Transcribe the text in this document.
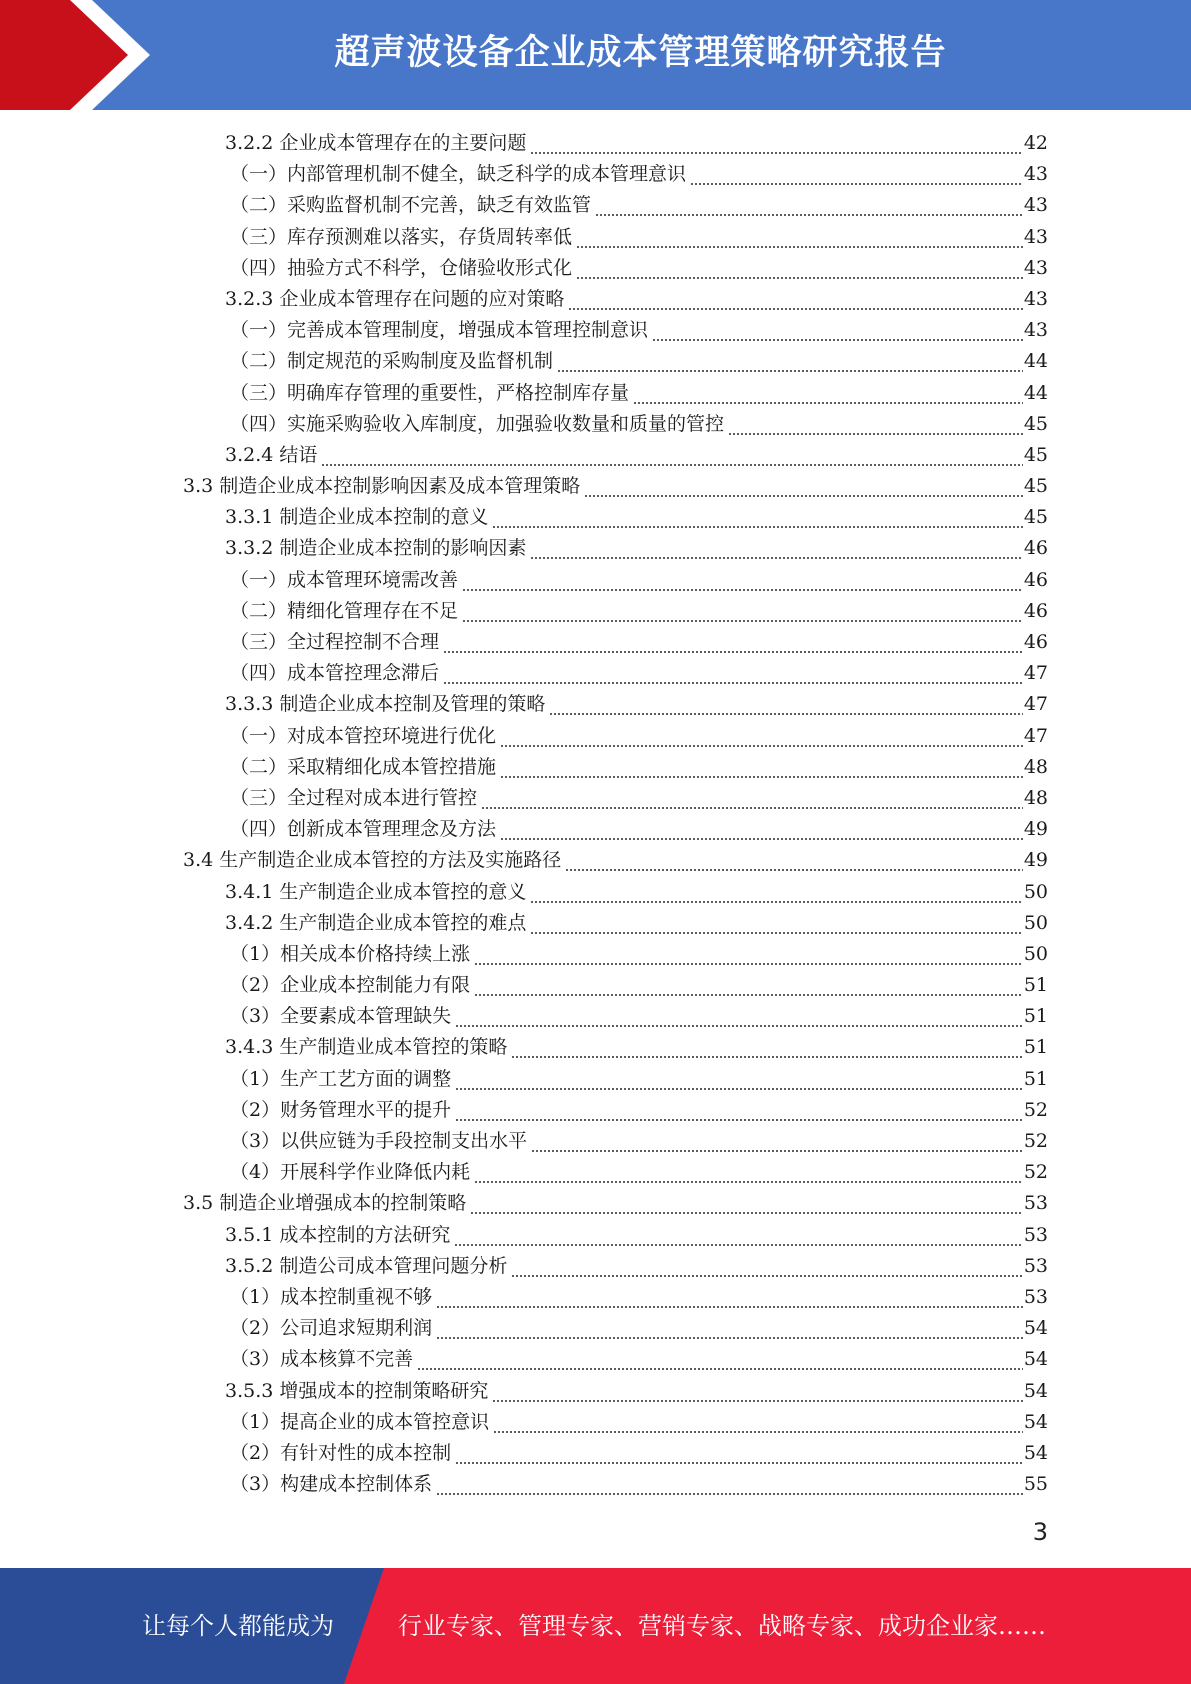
超声波设备企业成本管理策略研究报告
3.2.2 企业成本管理存在的主要问题	42
（一）内部管理机制不健全，缺乏科学的成本管理意识	43
（二）采购监督机制不完善，缺乏有效监管	43
（三）库存预测难以落实，存货周转率低	43
（四）抽验方式不科学，仓储验收形式化	43
3.2.3 企业成本管理存在问题的应对策略	43
（一）完善成本管理制度，增强成本管理控制意识	43
（二）制定规范的采购制度及监督机制	44
（三）明确库存管理的重要性，严格控制库存量	44
（四）实施采购验收入库制度，加强验收数量和质量的管控	45
3.2.4 结语	45
3.3 制造企业成本控制影响因素及成本管理策略	45
3.3.1 制造企业成本控制的意义	45
3.3.2 制造企业成本控制的影响因素	46
（一）成本管理环境需改善	46
（二）精细化管理存在不足	46
（三）全过程控制不合理	46
（四）成本管控理念滞后	47
3.3.3 制造企业成本控制及管理的策略	47
（一）对成本管控环境进行优化	47
（二）采取精细化成本管控措施	48
（三）全过程对成本进行管控	48
（四）创新成本管理理念及方法	49
3.4 生产制造企业成本管控的方法及实施路径	49
3.4.1 生产制造企业成本管控的意义	50
3.4.2 生产制造企业成本管控的难点	50
（1）相关成本价格持续上涨	50
（2）企业成本控制能力有限	51
（3）全要素成本管理缺失	51
3.4.3 生产制造业成本管控的策略	51
（1）生产工艺方面的调整	51
（2）财务管理水平的提升	52
（3）以供应链为手段控制支出水平	52
（4）开展科学作业降低内耗	52
3.5 制造企业增强成本的控制策略	53
3.5.1 成本控制的方法研究	53
3.5.2 制造公司成本管理问题分析	53
（1）成本控制重视不够	53
（2）公司追求短期利润	54
（3）成本核算不完善	54
3.5.3 增强成本的控制策略研究	54
（1）提高企业的成本管控意识	54
（2）有针对性的成本控制	54
（3）构建成本控制体系	55
3
让每个人都能成为	行业专家、管理专家、营销专家、战略专家、成功企业家……
